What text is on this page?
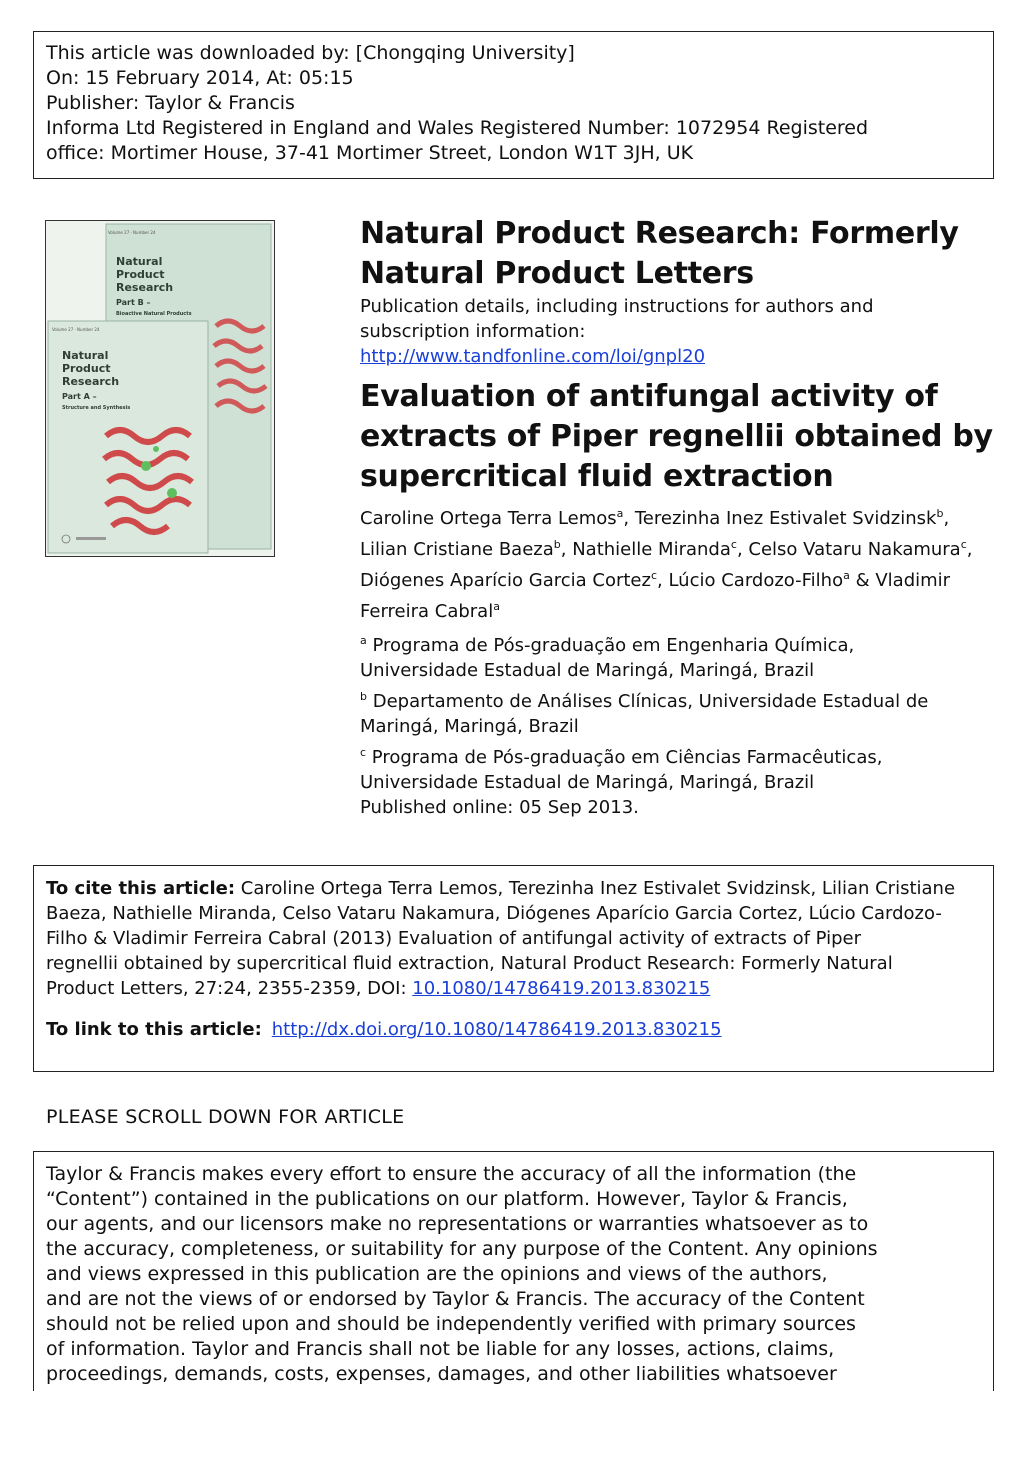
This article was downloaded by: [Chongqing University]
On: 15 February 2014, At: 05:15
Publisher: Taylor & Francis
Informa Ltd Registered in England and Wales Registered Number: 1072954 Registered
office: Mortimer House, 37-41 Mortimer Street, London W1T 3JH, UK
Volume 27 · Number 24
Natural
Product
Research
Part B –
Bioactive Natural Products
Volume 27 · Number 24
Natural
Product
Research
Part A –
Structure and Synthesis
Natural Product Research: Formerly
Natural Product Letters
Publication details, including instructions for authors and
subscription information:
http://www.tandfonline.com/loi/gnpl20
Evaluation of antifungal activity of
extracts of Piper regnellii obtained by
supercritical fluid extraction
Caroline Ortega Terra Lemos$^a$, Terezinha Inez Estivalet Svidzinsk$^b$,
Lilian Cristiane Baeza$^b$, Nathielle Miranda$^c$, Celso Vataru Nakamura$^c$, Diógenes Aparício Garcia Cortez$^c$, Lúcio Cardozo-Filho$^a$ & Vladimir Ferreira Cabral$^a$
$^a$ Programa de Pós-graduação em Engenharia Química,
Universidade Estadual de Maringá, Maringá, Brazil
$^b$ Departamento de Análises Clínicas, Universidade Estadual de
Maringá, Maringá, Brazil
$^c$ Programa de Pós-graduação em Ciências Farmacêuticas,
Universidade Estadual de Maringá, Maringá, Brazil
Published online: 05 Sep 2013.
To cite this article: Caroline Ortega Terra Lemos, Terezinha Inez Estivalet Svidzinsk, Lilian Cristiane
Baeza, Nathielle Miranda, Celso Vataru Nakamura, Diógenes Aparício Garcia Cortez, Lúcio Cardozo-
Filho & Vladimir Ferreira Cabral (2013) Evaluation of antifungal activity of extracts of Piper
regnellii obtained by supercritical fluid extraction, Natural Product Research: Formerly Natural
Product Letters, 27:24, 2355-2359, DOI: 10.1080/14786419.2013.830215
To link to this article: http://dx.doi.org/10.1080/14786419.2013.830215
PLEASE SCROLL DOWN FOR ARTICLE
Taylor & Francis makes every effort to ensure the accuracy of all the information (the
“Content”) contained in the publications on our platform. However, Taylor & Francis,
our agents, and our licensors make no representations or warranties whatsoever as to
the accuracy, completeness, or suitability for any purpose of the Content. Any opinions
and views expressed in this publication are the opinions and views of the authors,
and are not the views of or endorsed by Taylor & Francis. The accuracy of the Content
should not be relied upon and should be independently verified with primary sources
of information. Taylor and Francis shall not be liable for any losses, actions, claims,
proceedings, demands, costs, expenses, damages, and other liabilities whatsoever
